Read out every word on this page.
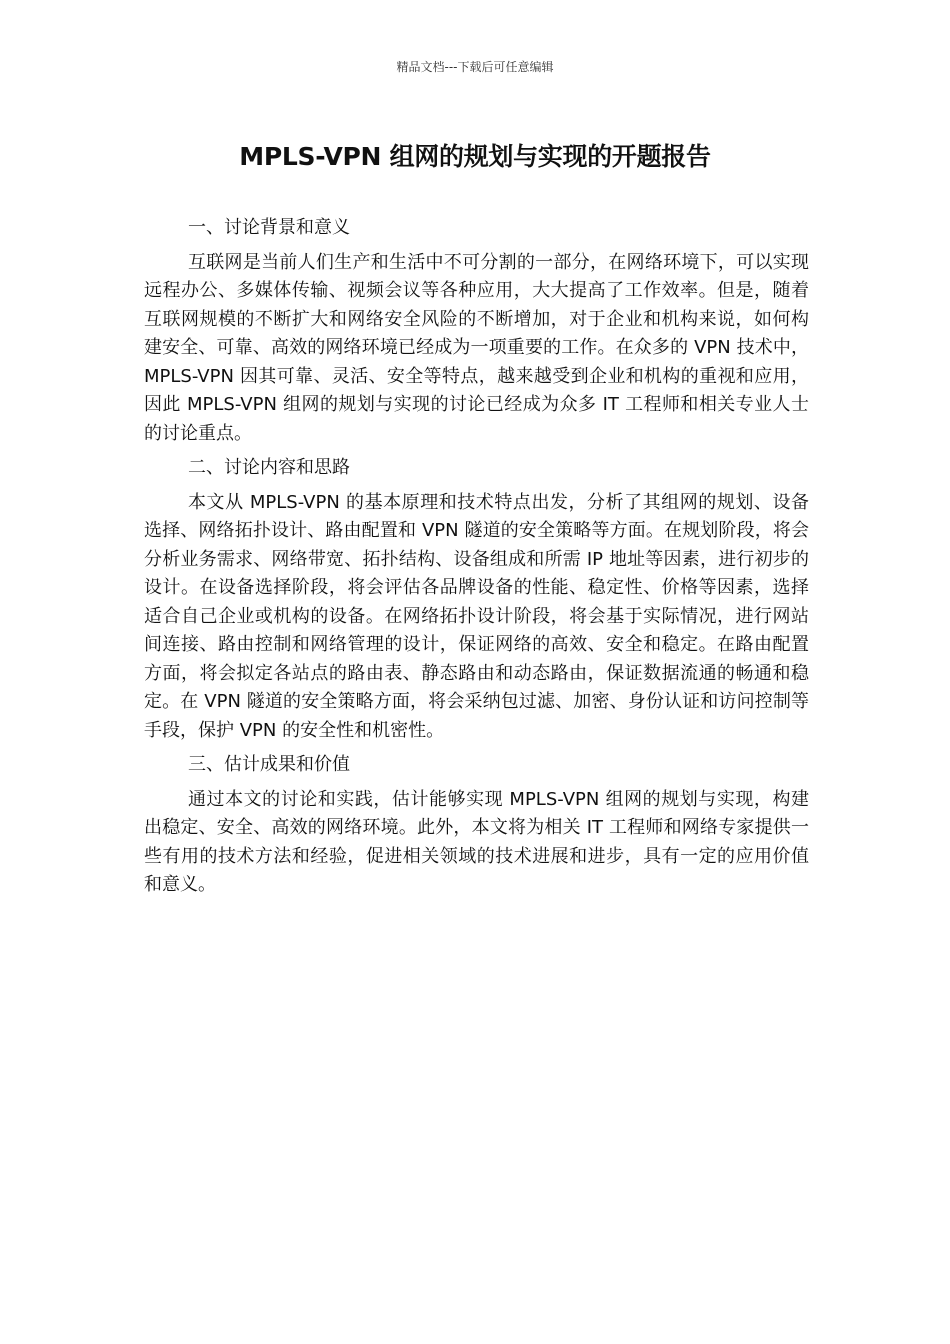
精品文档---下载后可任意编辑
MPLS-VPN 组网的规划与实现的开题报告

一、讨论背景和意义

互联网是当前人们生产和生活中不可分割的一部分，在网络环境下，可以实现远程办公、多媒体传输、视频会议等各种应用，大大提高了工作效率。但是，随着互联网规模的不断扩大和网络安全风险的不断增加，对于企业和机构来说，如何构建安全、可靠、高效的网络环境已经成为一项重要的工作。在众多的 VPN 技术中，MPLS-VPN 因其可靠、灵活、安全等特点，越来越受到企业和机构的重视和应用，因此 MPLS-VPN 组网的规划与实现的讨论已经成为众多 IT 工程师和相关专业人士的讨论重点。

二、讨论内容和思路

本文从 MPLS-VPN 的基本原理和技术特点出发，分析了其组网的规划、设备选择、网络拓扑设计、路由配置和 VPN 隧道的安全策略等方面。在规划阶段，将会分析业务需求、网络带宽、拓扑结构、设备组成和所需 IP 地址等因素，进行初步的设计。在设备选择阶段，将会评估各品牌设备的性能、稳定性、价格等因素，选择适合自己企业或机构的设备。在网络拓扑设计阶段，将会基于实际情况，进行网站间连接、路由控制和网络管理的设计，保证网络的高效、安全和稳定。在路由配置方面，将会拟定各站点的路由表、静态路由和动态路由，保证数据流通的畅通和稳定。在 VPN 隧道的安全策略方面，将会采纳包过滤、加密、身份认证和访问控制等手段，保护 VPN 的安全性和机密性。

三、估计成果和价值

通过本文的讨论和实践，估计能够实现 MPLS-VPN 组网的规划与实现，构建出稳定、安全、高效的网络环境。此外，本文将为相关 IT 工程师和网络专家提供一些有用的技术方法和经验，促进相关领域的技术进展和进步，具有一定的应用价值和意义。
